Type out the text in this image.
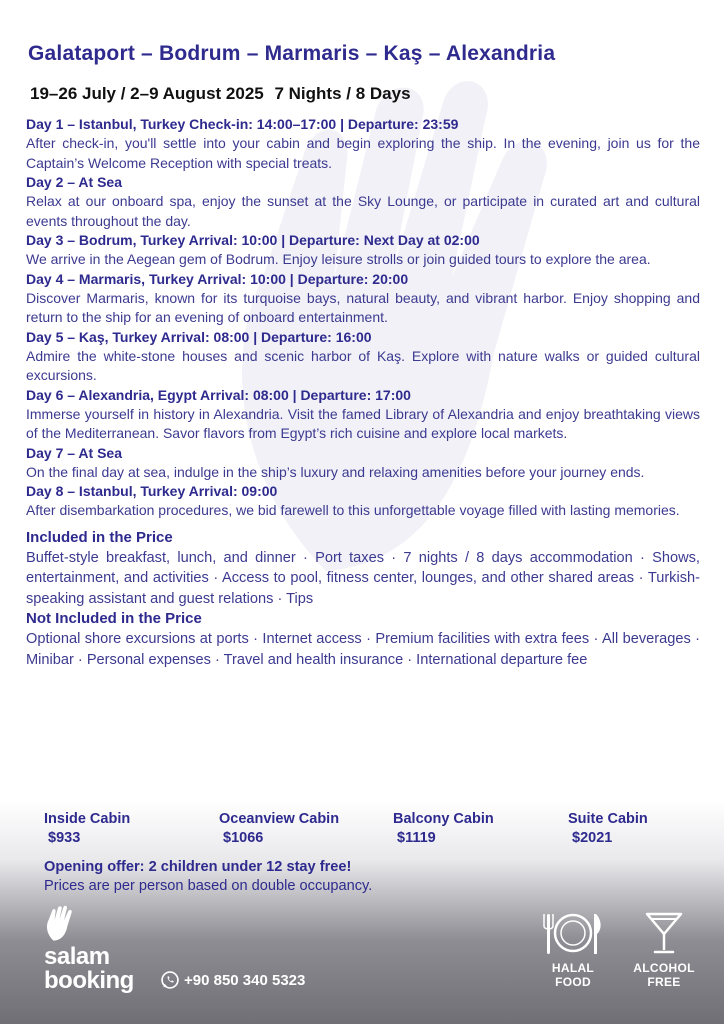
Galataport – Bodrum – Marmaris – Kaş – Alexandria
19–26 July / 2–9 August 2025 7 Nights / 8 Days
Day 1 – Istanbul, Turkey Check-in: 14:00–17:00 | Departure: 23:59
After check-in, you'll settle into your cabin and begin exploring the ship. In the evening, join us for the Captain’s Welcome Reception with special treats.
Day 2 – At Sea
Relax at our onboard spa, enjoy the sunset at the Sky Lounge, or participate in curated art and cultural events throughout the day.
Day 3 – Bodrum, Turkey Arrival: 10:00 | Departure: Next Day at 02:00
We arrive in the Aegean gem of Bodrum. Enjoy leisure strolls or join guided tours to explore the area.
Day 4 – Marmaris, Turkey Arrival: 10:00 | Departure: 20:00
Discover Marmaris, known for its turquoise bays, natural beauty, and vibrant harbor. Enjoy shopping and return to the ship for an evening of onboard entertainment.
Day 5 – Kaş, Turkey Arrival: 08:00 | Departure: 16:00
Admire the white-stone houses and scenic harbor of Kaş. Explore with nature walks or guided cultural excursions.
Day 6 – Alexandria, Egypt Arrival: 08:00 | Departure: 17:00
Immerse yourself in history in Alexandria. Visit the famed Library of Alexandria and enjoy breathtaking views of the Mediterranean. Savor flavors from Egypt’s rich cuisine and explore local markets.
Day 7 – At Sea
On the final day at sea, indulge in the ship’s luxury and relaxing amenities before your journey ends.
Day 8 – Istanbul, Turkey Arrival: 09:00
After disembarkation procedures, we bid farewell to this unforgettable voyage filled with lasting memories.
Included in the Price
Buffet-style breakfast, lunch, and dinner · Port taxes · 7 nights / 8 days accommodation · Shows, entertainment, and activities · Access to pool, fitness center, lounges, and other shared areas · Turkish-speaking assistant and guest relations · Tips
Not Included in the Price
Optional shore excursions at ports · Internet access · Premium facilities with extra fees · All beverages · Minibar · Personal expenses · Travel and health insurance · International departure fee
Inside Cabin
$933
Oceanview Cabin
$1066
Balcony Cabin
$1119
Suite Cabin
$2021
Opening offer: 2 children under 12 stay free!
Prices are per person based on double occupancy.
salam
booking	+90 850 340 5323
HALAL
FOOD
ALCOHOL
FREE
